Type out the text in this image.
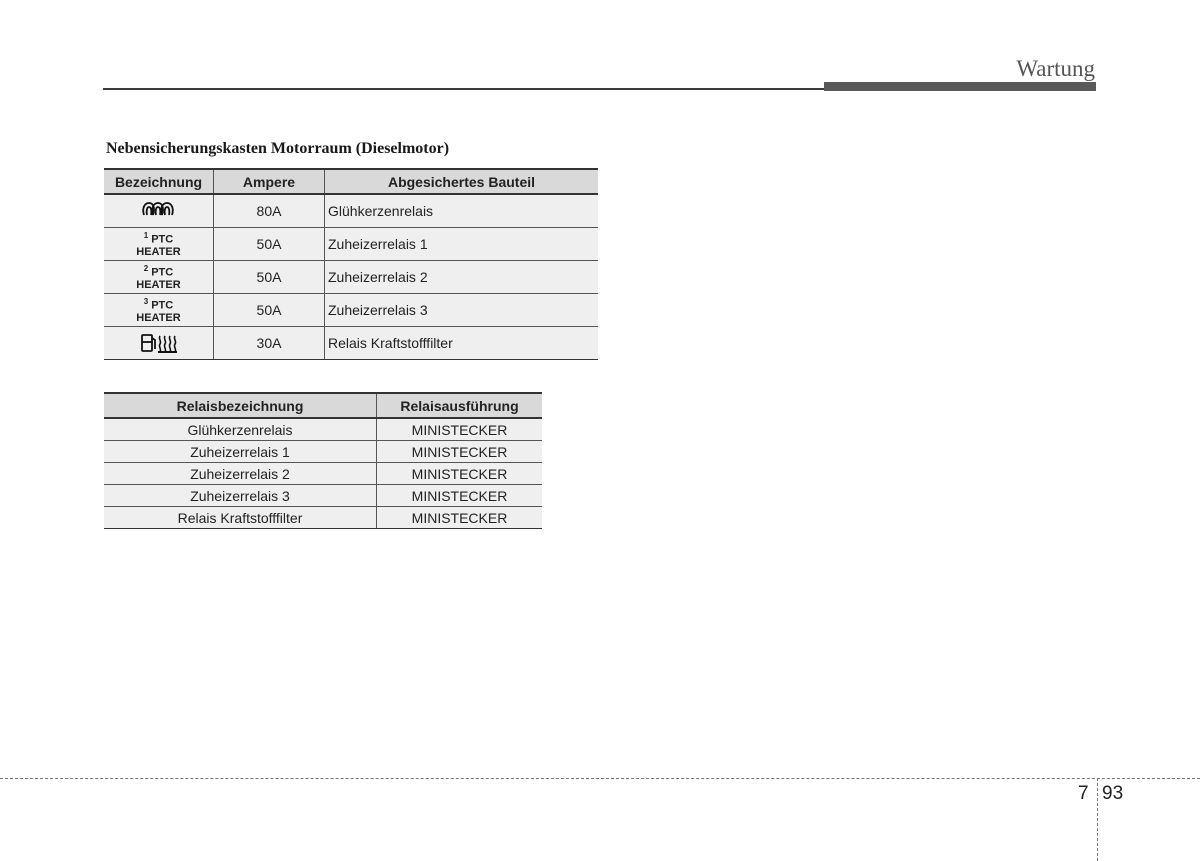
Wartung
Nebensicherungskasten Motorraum (Dieselmotor)
Bezeichnung	Ampere	Abgesichertes Bauteil

	80A	Glühkerzenrelais
$^1$ PTC
HEATER	50A	Zuheizerrelais 1
$^2$ PTC
HEATER	50A	Zuheizerrelais 2
$^3$ PTC
HEATER	50A	Zuheizerrelais 3

	30A	Relais Kraftstofffilter
Relaisbezeichnung	Relaisausführung
Glühkerzenrelais	MINISTECKER
Zuheizerrelais 1	MINISTECKER
Zuheizerrelais 2	MINISTECKER
Zuheizerrelais 3	MINISTECKER
Relais Kraftstofffilter	MINISTECKER
7 93
